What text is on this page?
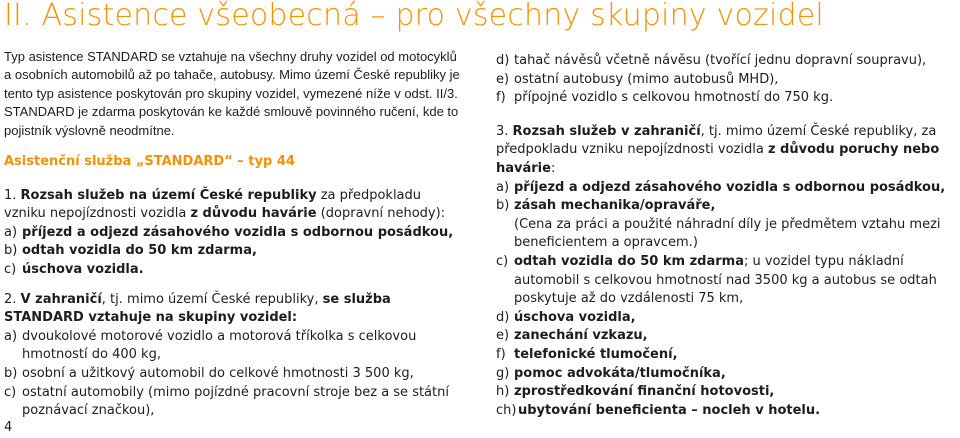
II. Asistence všeobecná – pro všechny skupiny vozidel

Typ asistence STANDARD se vztahuje na všechny druhy vozidel od motocyklů a osobních automobilů až po tahače, autobusy. Mimo území České republiky je tento typ asistence poskytován pro skupiny vozidel, vymezené níže v odst. II/3. STANDARD je zdarma poskytován ke každé smlouvě povinného ručení, kde to pojistník výslovně neodmítne.

Asistenční služba „STANDARD“ – typ 44

1. Rozsah služeb na území České republiky za předpokladu vzniku nepojízdnosti vozidla z důvodu havárie (dopravní nehody):

a) příjezd a odjezd zásahového vozidla s odbornou posádkou,
b) odtah vozidla do 50 km zdarma,
c) úschova vozidla.

2. V zahraničí, tj. mimo území České republiky, se služba STANDARD vztahuje na skupiny vozidel:

a) dvoukolové motorové vozidlo a motorová tříkolka s celkovou hmotností do 400 kg,
b) osobní a užitkový automobil do celkové hmotnosti 3 500 kg,
c) ostatní automobily (mimo pojízdné pracovní stroje bez a se státní poznávací značkou),
d) tahač návěsů včetně návěsu (tvořící jednu dopravní soupravu),
e) ostatní autobusy (mimo autobusů MHD),
f) přípojné vozidlo s celkovou hmotností do 750 kg.

3. Rozsah služeb v zahraničí, tj. mimo území České republiky, za předpokladu vzniku nepojízdnosti vozidla z důvodu poruchy nebo havárie:

a) příjezd a odjezd zásahového vozidla s odbornou posádkou,
b) zásah mechanika/opraváře,

(Cena za práci a použité náhradní díly je předmětem vztahu mezi beneficientem a opravcem.)

c) odtah vozidla do 50 km zdarma; u vozidel typu nákladní automobil s celkovou hmotností nad 3500 kg a autobus se odtah poskytuje až do vzdálenosti 75 km,
d) úschova vozidla,
e) zanechání vzkazu,
f) telefonické tlumočení,
g) pomoc advokáta/tlumočníka,
h) zprostředkování finanční hotovosti,
ch) ubytování beneficienta – nocleh v hotelu.
4
